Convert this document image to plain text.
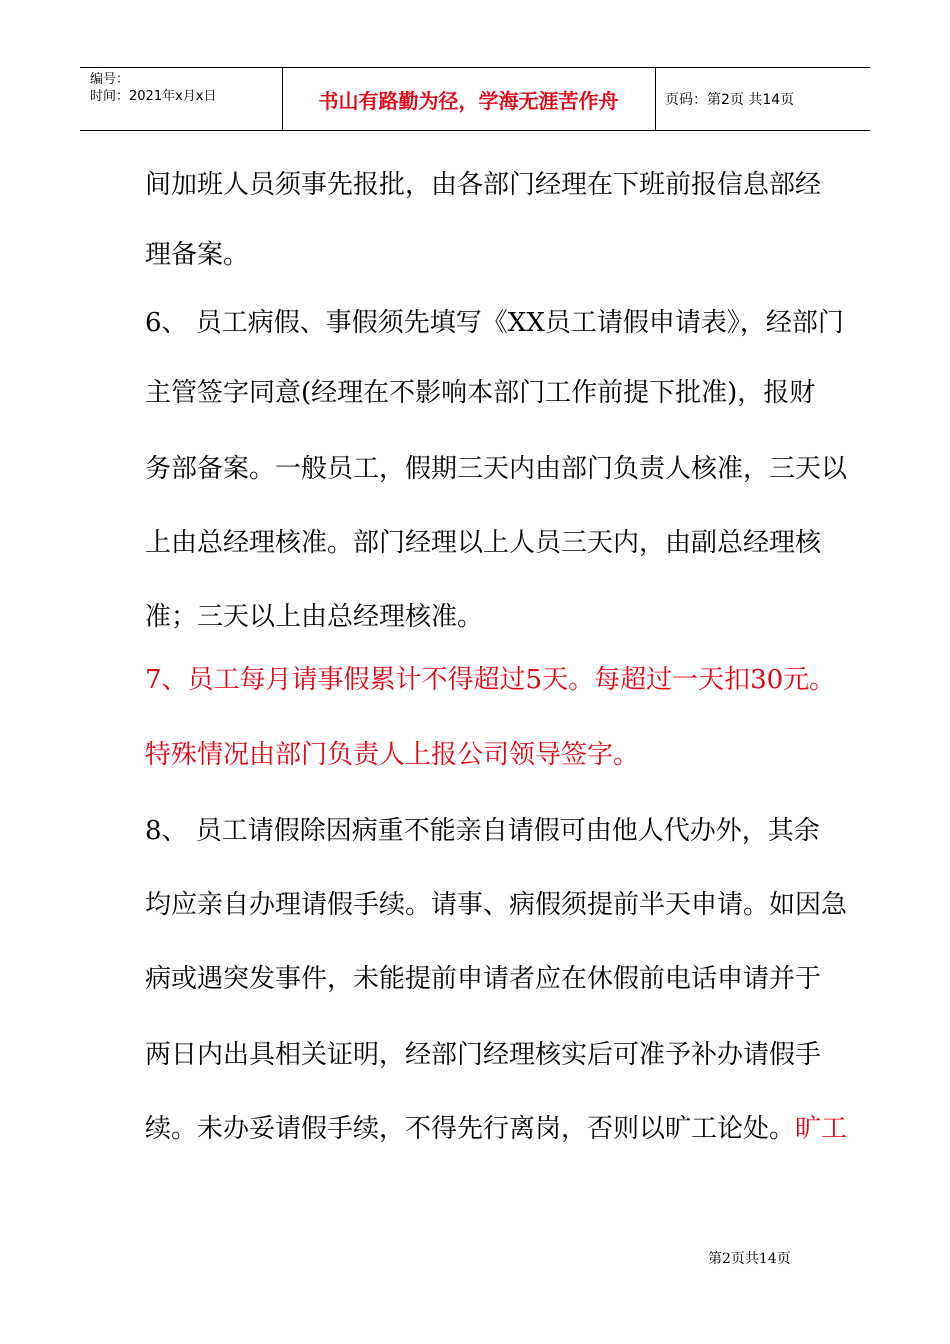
编号：
时间：2021年x月x日	书山有路勤为径，学海无涯苦作舟	页码：第2页 共14页
间加班人员须事先报批，由各部门经理在下班前报信息部经
理备案。
6、 员工病假、事假须先填写《XX员工请假申请表》，经部门
主管签字同意(经理在不影响本部门工作前提下批准)，报财
务部备案。一般员工，假期三天内由部门负责人核准，三天以
上由总经理核准。部门经理以上人员三天内，由副总经理核
准；三天以上由总经理核准。
7、员工每月请事假累计不得超过5天。每超过一天扣30元。
特殊情况由部门负责人上报公司领导签字。
8、 员工请假除因病重不能亲自请假可由他人代办外，其余
均应亲自办理请假手续。请事、病假须提前半天申请。如因急
病或遇突发事件，未能提前申请者应在休假前电话申请并于
两日内出具相关证明，经部门经理核实后可准予补办请假手
续。未办妥请假手续，不得先行离岗，否则以旷工论处。旷工
第2页共14页
